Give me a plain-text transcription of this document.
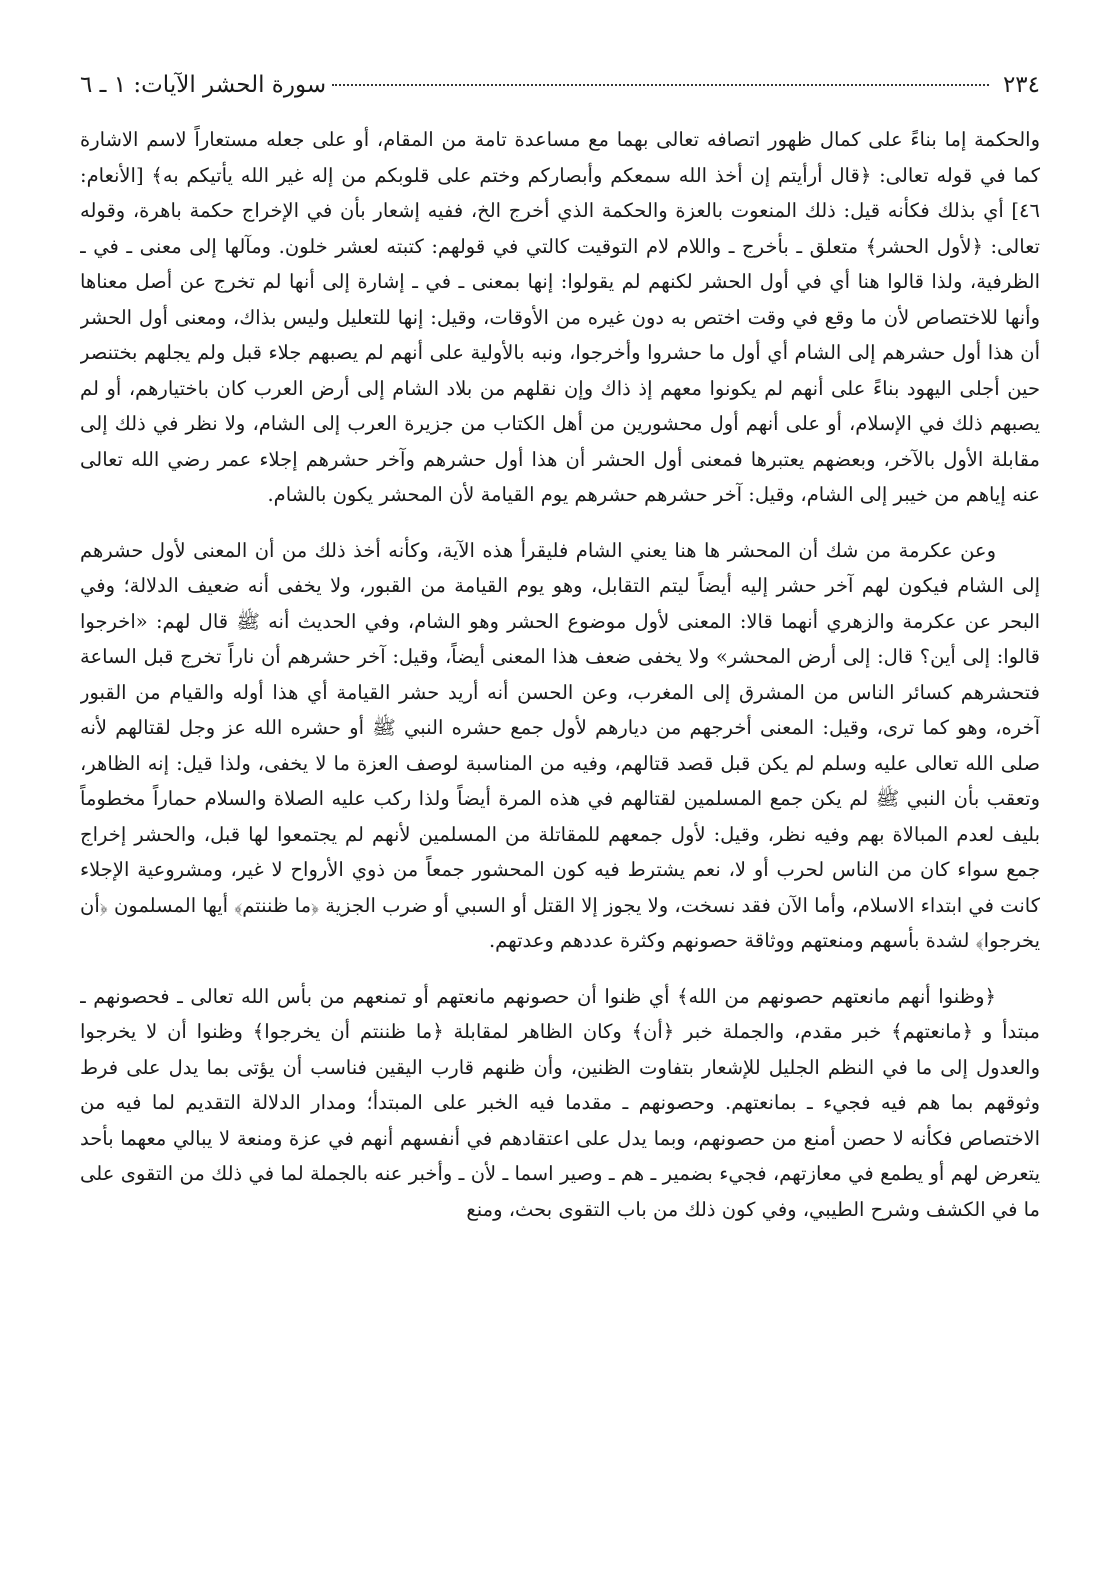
٢٣٤
سورة الحشر الآيات: ١ ـ ٦

والحكمة إما بناءً على كمال ظهور اتصافه تعالى بهما مع مساعدة تامة من المقام، أو على جعله مستعاراً لاسم الاشارة كما في قوله تعالى: ﴿قال أرأيتم إن أخذ الله سمعكم وأبصاركم وختم على قلوبكم من إله غير الله يأتيكم به﴾ [الأنعام: ٤٦] أي بذلك فكأنه قيل: ذلك المنعوت بالعزة والحكمة الذي أخرج الخ، ففيه إشعار بأن في الإخراج حكمة باهرة، وقوله تعالى: ﴿لأول الحشر﴾ متعلق ـ بأخرج ـ واللام لام التوقيت كالتي في قولهم: كتبته لعشر خلون. ومآلها إلى معنى ـ في ـ الظرفية، ولذا قالوا هنا أي في أول الحشر لكنهم لم يقولوا: إنها بمعنى ـ في ـ إشارة إلى أنها لم تخرج عن أصل معناها وأنها للاختصاص لأن ما وقع في وقت اختص به دون غيره من الأوقات، وقيل: إنها للتعليل وليس بذاك، ومعنى أول الحشر أن هذا أول حشرهم إلى الشام أي أول ما حشروا وأخرجوا، ونبه بالأولية على أنهم لم يصبهم جلاء قبل ولم يجلهم بختنصر حين أجلى اليهود بناءً على أنهم لم يكونوا معهم إذ ذاك وإن نقلهم من بلاد الشام إلى أرض العرب كان باختيارهم، أو لم يصبهم ذلك في الإسلام، أو على أنهم أول محشورين من أهل الكتاب من جزيرة العرب إلى الشام، ولا نظر في ذلك إلى مقابلة الأول بالآخر، وبعضهم يعتبرها فمعنى أول الحشر أن هذا أول حشرهم وآخر حشرهم إجلاء عمر رضي الله تعالى عنه إياهم من خيبر إلى الشام، وقيل: آخر حشرهم حشرهم يوم القيامة لأن المحشر يكون بالشام.

وعن عكرمة من شك أن المحشر ها هنا يعني الشام فليقرأ هذه الآية، وكأنه أخذ ذلك من أن المعنى لأول حشرهم إلى الشام فيكون لهم آخر حشر إليه أيضاً ليتم التقابل، وهو يوم القيامة من القبور، ولا يخفى أنه ضعيف الدلالة؛ وفي البحر عن عكرمة والزهري أنهما قالا: المعنى لأول موضوع الحشر وهو الشام، وفي الحديث أنه ﷺ قال لهم: «اخرجوا قالوا: إلى أين؟ قال: إلى أرض المحشر» ولا يخفى ضعف هذا المعنى أيضاً، وقيل: آخر حشرهم أن ناراً تخرج قبل الساعة فتحشرهم كسائر الناس من المشرق إلى المغرب، وعن الحسن أنه أريد حشر القيامة أي هذا أوله والقيام من القبور آخره، وهو كما ترى، وقيل: المعنى أخرجهم من ديارهم لأول جمع حشره النبي ﷺ أو حشره الله عز وجل لقتالهم لأنه صلى الله تعالى عليه وسلم لم يكن قبل قصد قتالهم، وفيه من المناسبة لوصف العزة ما لا يخفى، ولذا قيل: إنه الظاهر، وتعقب بأن النبي ﷺ لم يكن جمع المسلمين لقتالهم في هذه المرة أيضاً ولذا ركب عليه الصلاة والسلام حماراً مخطوماً بليف لعدم المبالاة بهم وفيه نظر، وقيل: لأول جمعهم للمقاتلة من المسلمين لأنهم لم يجتمعوا لها قبل، والحشر إخراج جمع سواء كان من الناس لحرب أو لا، نعم يشترط فيه كون المحشور جمعاً من ذوي الأرواح لا غير، ومشروعية الإجلاء كانت في ابتداء الاسلام، وأما الآن فقد نسخت، ولا يجوز إلا القتل أو السبي أو ضرب الجزية ﴿ما ظننتم﴾ أيها المسلمون ﴿أن يخرجوا﴾ لشدة بأسهم ومنعتهم ووثاقة حصونهم وكثرة عددهم وعدتهم.

﴿وظنوا أنهم مانعتهم حصونهم من الله﴾ أي ظنوا أن حصونهم مانعتهم أو تمنعهم من بأس الله تعالى ـ فحصونهم ـ مبتدأ و ﴿مانعتهم﴾ خبر مقدم، والجملة خبر ﴿أن﴾ وكان الظاهر لمقابلة ﴿ما ظننتم أن يخرجوا﴾ وظنوا أن لا يخرجوا والعدول إلى ما في النظم الجليل للإشعار بتفاوت الظنين، وأن ظنهم قارب اليقين فناسب أن يؤتى بما يدل على فرط وثوقهم بما هم فيه فجيء ـ بمانعتهم. وحصونهم ـ مقدما فيه الخبر على المبتدأ؛ ومدار الدلالة التقديم لما فيه من الاختصاص فكأنه لا حصن أمنع من حصونهم، وبما يدل على اعتقادهم في أنفسهم أنهم في عزة ومنعة لا يبالي معهما بأحد يتعرض لهم أو يطمع في معازتهم، فجيء بضمير ـ هم ـ وصير اسما ـ لأن ـ وأخبر عنه بالجملة لما في ذلك من التقوى على ما في الكشف وشرح الطيبي، وفي كون ذلك من باب التقوى بحث، ومنع
